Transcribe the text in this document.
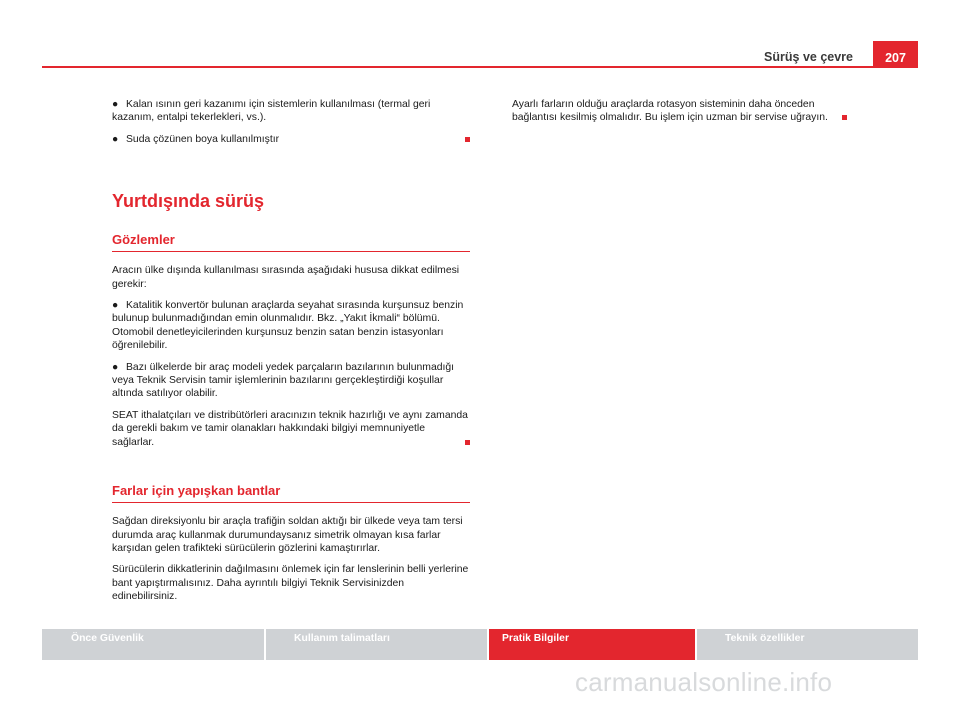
Sürüş ve çevre	207

● Kalan ısının geri kazanımı için sistemlerin kullanılması (termal geri kazanım, entalpi tekerlekleri, vs.).

● Suda çözünen boya kullanılmıştır

Yurtdışında sürüş
Gözlemler

Aracın ülke dışında kullanılması sırasında aşağıdaki hususa dikkat edilmesi gerekir:

● Katalitik konvertör bulunan araçlarda seyahat sırasında kurşunsuz benzin bulunup bulunmadığından emin olunmalıdır. Bkz. „Yakıt İkmali“ bölümü. Otomobil denetleyicilerinden kurşunsuz benzin satan benzin istasyonları öğrenilebilir.

● Bazı ülkelerde bir araç modeli yedek parçaların bazılarının bulunmadığı veya Teknik Servisin tamir işlemlerinin bazılarını gerçekleştirdiği koşullar altında satılıyor olabilir.

SEAT ithalatçıları ve distribütörleri aracınızın teknik hazırlığı ve aynı zamanda da gerekli bakım ve tamir olanakları hakkındaki bilgiyi memnuniyetle sağlarlar.

Farlar için yapışkan bantlar

Sağdan direksiyonlu bir araçla trafiğin soldan aktığı bir ülkede veya tam tersi durumda araç kullanmak durumundaysanız simetrik olmayan kısa farlar karşıdan gelen trafikteki sürücülerin gözlerini kamaştırırlar.

Sürücülerin dikkatlerinin dağılmasını önlemek için far lenslerinin belli yerlerine bant yapıştırmalısınız. Daha ayrıntılı bilgiyi Teknik Servisinizden edinebilirsiniz.

Ayarlı farların olduğu araçlarda rotasyon sisteminin daha önceden bağlantısı kesilmiş olmalıdır. Bu işlem için uzman bir servise uğrayın.

Önce Güvenlik	Kullanım talimatları	Pratik Bilgiler	Teknik özellikler
carmanualsonline.info
